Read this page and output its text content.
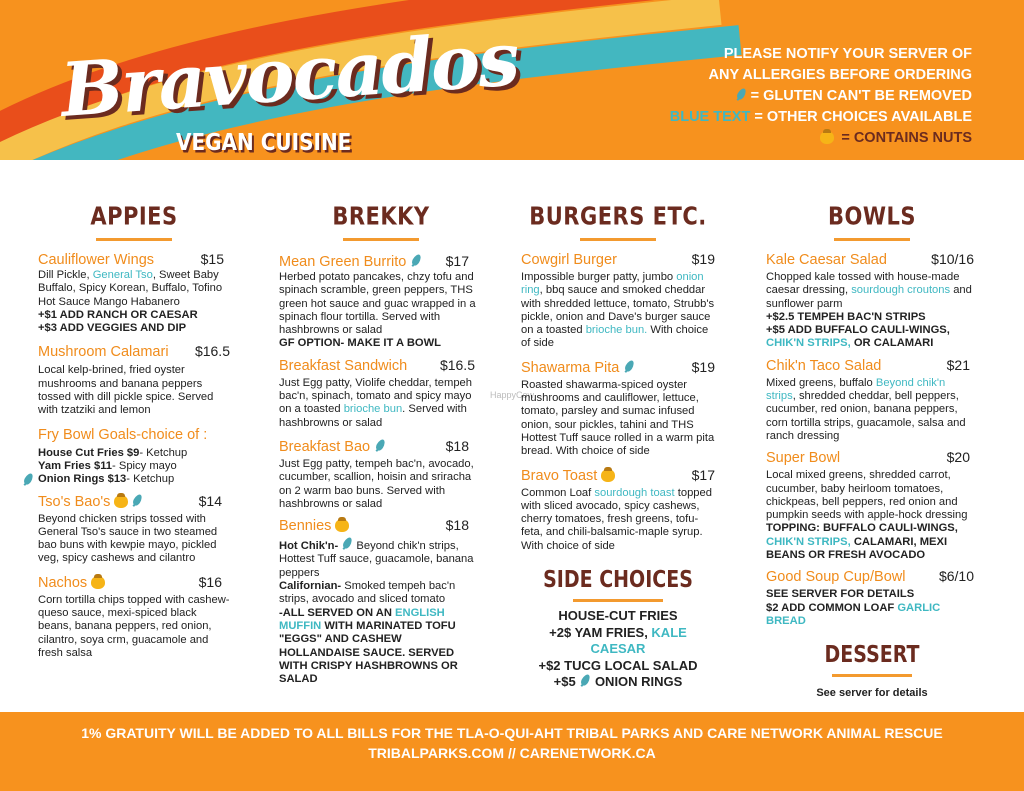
Bravocados
VEGAN CUISINE
PLEASE NOTIFY YOUR SERVER OF
ANY ALLERGIES BEFORE ORDERING
= GLUTEN CAN'T BE REMOVED
BLUE TEXT = OTHER CHOICES AVAILABLE
= CONTAINS NUTS
HappyCow
APPIES
Cauliflower Wings	$15
Dill Pickle, General Tso, Sweet Baby Buffalo, Spicy Korean, Buffalo, Tofino Hot Sauce Mango Habanero
+$1 ADD RANCH OR CAESAR
+$3 ADD VEGGIES AND DIP
Mushroom Calamari	$16.5
Local kelp-brined, fried oyster mushrooms and banana peppers tossed with dill pickle spice. Served with tzatziki and lemon
Fry Bowl Goals-choice of :
House Cut Fries $9- Ketchup
Yam Fries $11- Spicy mayo
Onion Rings $13- Ketchup
Tso's Bao's	$14
Beyond chicken strips tossed with General Tso's sauce in two steamed bao buns with kewpie mayo, pickled veg, spicy cashews and cilantro
Nachos	$16
Corn tortilla chips topped with cashew-queso sauce, mexi-spiced black beans, banana peppers, red onion, cilantro, soya crm, guacamole and fresh salsa
BREKKY
Mean Green Burrito	$17
Herbed potato pancakes, chzy tofu and spinach scramble, green peppers, THS green hot sauce and guac wrapped in a spinach flour tortilla. Served with hashbrowns or salad
GF OPTION- MAKE IT A BOWL
Breakfast Sandwich	$16.5
Just Egg patty, Violife cheddar, tempeh bac'n, spinach, tomato and spicy mayo on a toasted brioche bun. Served with hashbrowns or salad
Breakfast Bao	$18
Just Egg patty, tempeh bac'n, avocado, cucumber, scallion, hoisin and sriracha on 2 warm bao buns. Served with hashbrowns or salad
Bennies	$18
Hot Chik'n-  Beyond chik'n strips, Hottest Tuff sauce, guacamole, banana peppers
Californian- Smoked tempeh bac'n strips, avocado and sliced tomato
-ALL SERVED ON AN ENGLISH MUFFIN WITH MARINATED TOFU "EGGS" AND CASHEW HOLLANDAISE SAUCE. SERVED WITH CRISPY HASHBROWNS OR SALAD
BURGERS ETC.
Cowgirl Burger	$19
Impossible burger patty, jumbo onion ring, bbq sauce and smoked cheddar with shredded lettuce, tomato, Strubb's pickle, onion and Dave's burger sauce on a toasted brioche bun. With choice of side
Shawarma Pita	$19
Roasted shawarma-spiced oyster mushrooms and cauliflower, lettuce, tomato, parsley and sumac infused onion, sour pickles, tahini and THS Hottest Tuff sauce rolled in a warm pita bread. With choice of side
Bravo Toast	$17
Common Loaf sourdough toast topped with sliced avocado, spicy cashews, cherry tomatoes, fresh greens, tofu-feta, and chili-balsamic-maple syrup. With choice of side
SIDE CHOICES
HOUSE-CUT FRIES
+2$ YAM FRIES, KALE CAESAR
+$2 TUCG LOCAL SALAD
+$5  ONION RINGS
BOWLS
Kale Caesar Salad	$10/16
Chopped kale tossed with house-made caesar dressing, sourdough croutons and sunflower parm
+$2.5 TEMPEH BAC'N STRIPS
+$5 ADD BUFFALO CAULI-WINGS,
CHIK'N STRIPS, OR CALAMARI
Chik'n Taco Salad	$21
Mixed greens, buffalo Beyond chik'n strips, shredded cheddar, bell peppers, cucumber, red onion, banana peppers, corn tortilla strips, guacamole, salsa and ranch dressing
Super Bowl	$20
Local mixed greens, shredded carrot, cucumber, baby heirloom tomatoes, chickpeas, bell peppers, red onion and pumpkin seeds with apple-hock dressing
TOPPING: BUFFALO CAULI-WINGS,
CHIK'N STRIPS, CALAMARI, MEXI BEANS OR FRESH AVOCADO
Good Soup Cup/Bowl	$6/10
SEE SERVER FOR DETAILS
$2 ADD COMMON LOAF GARLIC BREAD
DESSERT
See server for details
1% GRATUITY WILL BE ADDED TO ALL BILLS FOR THE TLA-O-QUI-AHT TRIBAL PARKS AND CARE NETWORK ANIMAL RESCUE
TRIBALPARKS.COM // CARENETWORK.CA
